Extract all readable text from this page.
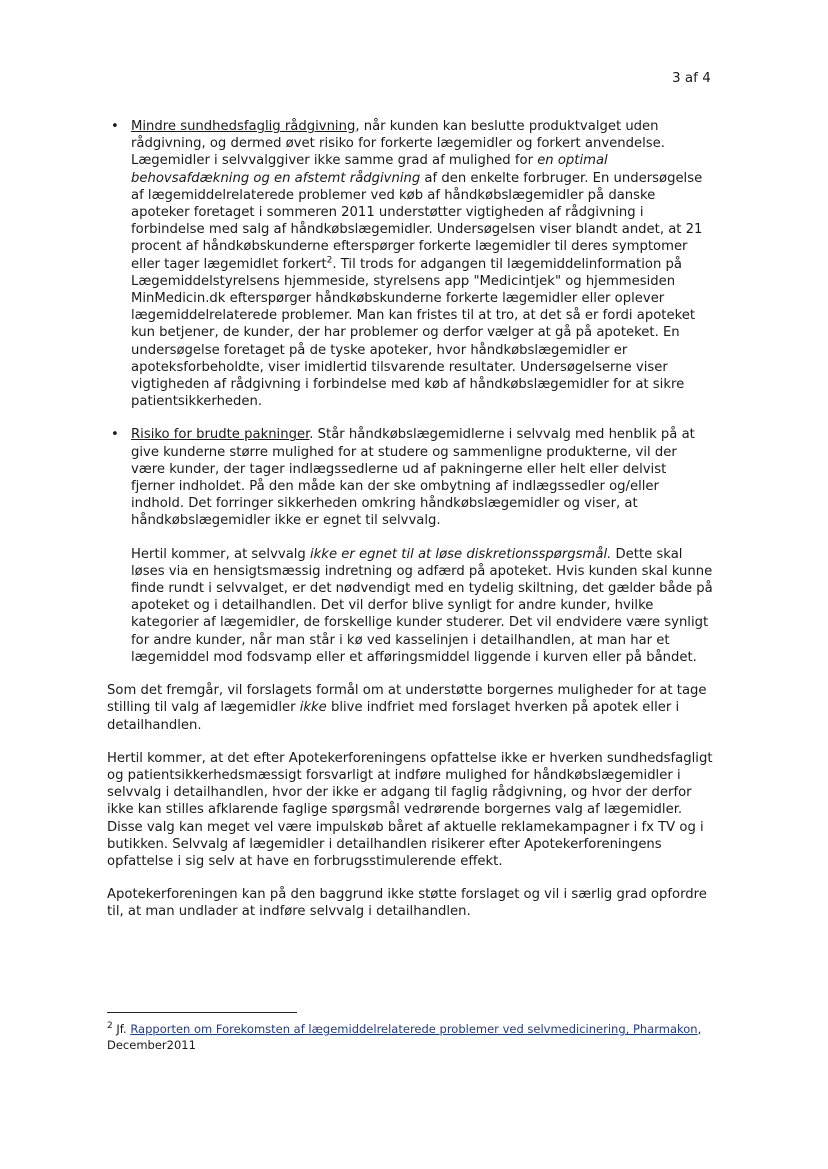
3 af 4
• Mindre sundhedsfaglig rådgivning, når kunden kan beslutte produktvalget uden rådgivning, og dermed øvet risiko for forkerte lægemidler og forkert anvendelse. Lægemidler i selvvalggiver ikke samme grad af mulighed for en optimal behovsafdækning og en afstemt rådgivning af den enkelte forbruger. En undersøgelse af lægemiddelrelaterede problemer ved køb af håndkøbslægemidler på danske apoteker foretaget i sommeren 2011 understøtter vigtigheden af rådgivning i forbindelse med salg af håndkøbslægemidler. Undersøgelsen viser blandt andet, at 21 procent af håndkøbskunderne efterspørger forkerte lægemidler til deres symptomer eller tager lægemidlet forkert$^2$. Til trods for adgangen til lægemiddelinformation på Lægemiddelstyrelsens hjemmeside, styrelsens app "Medicintjek" og hjemmesiden MinMedicin.dk efterspørger håndkøbskunderne forkerte lægemidler eller oplever lægemiddelrelaterede problemer. Man kan fristes til at tro, at det så er fordi apoteket kun betjener, de kunder, der har problemer og derfor vælger at gå på apoteket. En undersøgelse foretaget på de tyske apoteker, hvor håndkøbslægemidler er apoteksforbeholdte, viser imidlertid tilsvarende resultater. Undersøgelserne viser vigtigheden af rådgivning i forbindelse med køb af håndkøbslægemidler for at sikre patientsikkerheden.
• Risiko for brudte pakninger. Står håndkøbslægemidlerne i selvvalg med henblik på at give kunderne større mulighed for at studere og sammenligne produkterne, vil der være kunder, der tager indlægssedlerne ud af pakningerne eller helt eller delvist fjerner indholdet. På den måde kan der ske ombytning af indlægssedler og/eller indhold. Det forringer sikkerheden omkring håndkøbslægemidler og viser, at håndkøbslægemidler ikke er egnet til selvvalg.

Hertil kommer, at selvvalg ikke er egnet til at løse diskretionsspørgsmål. Dette skal løses via en hensigtsmæssig indretning og adfærd på apoteket. Hvis kunden skal kunne finde rundt i selvvalget, er det nødvendigt med en tydelig skiltning, det gælder både på apoteket og i detailhandlen. Det vil derfor blive synligt for andre kunder, hvilke kategorier af lægemidler, de forskellige kunder studerer. Det vil endvidere være synligt for andre kunder, når man står i kø ved kasselinjen i detailhandlen, at man har et lægemiddel mod fodsvamp eller et afføringsmiddel liggende i kurven eller på båndet.

Som det fremgår, vil forslagets formål om at understøtte borgernes muligheder for at tage stilling til valg af lægemidler ikke blive indfriet med forslaget hverken på apotek eller i detailhandlen.

Hertil kommer, at det efter Apotekerforeningens opfattelse ikke er hverken sundhedsfagligt og patientsikkerhedsmæssigt forsvarligt at indføre mulighed for håndkøbslægemidler i selvvalg i detailhandlen, hvor der ikke er adgang til faglig rådgivning, og hvor der derfor ikke kan stilles afklarende faglige spørgsmål vedrørende borgernes valg af lægemidler. Disse valg kan meget vel være impulskøb båret af aktuelle reklamekampagner i fx TV og i butikken. Selvvalg af lægemidler i detailhandlen risikerer efter Apotekerforeningens opfattelse i sig selv at have en forbrugsstimulerende effekt.

Apotekerforeningen kan på den baggrund ikke støtte forslaget og vil i særlig grad opfordre til, at man undlader at indføre selvvalg i detailhandlen.

$^2$ Jf. Rapporten om Forekomsten af lægemiddelrelaterede problemer ved selvmedicinering, Pharmakon, December2011
